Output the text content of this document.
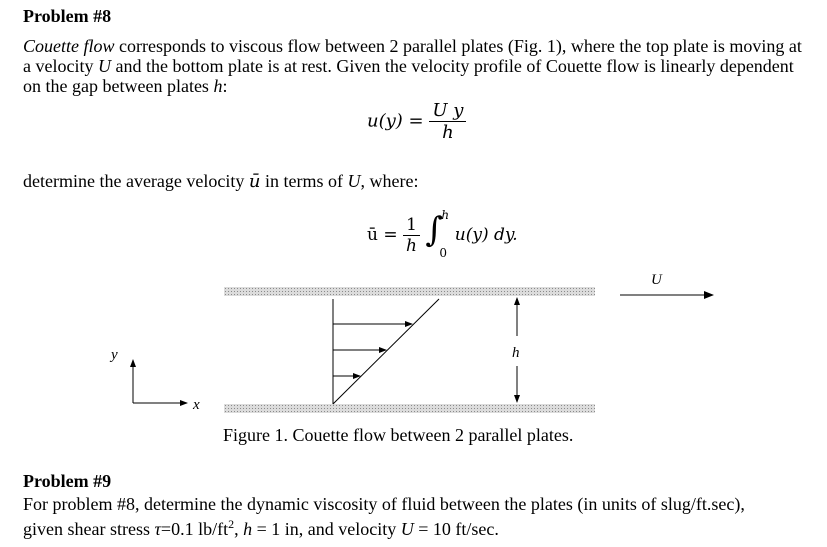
Problem #8
Couette flow corresponds to viscous flow between 2 parallel plates (Fig. 1), where the top plate is moving at a velocity U and the bottom plate is at rest. Given the velocity profile of Couette flow is linearly dependent on the gap between plates h:
$u(y) = \frac{\text{U y}}{h}$
determine the average velocity ū in terms of U, where:
ū = $\frac{1}{h}$
∫
h
0
u(y) dy.
U
h
y
x
Figure 1. Couette flow between 2 parallel plates.
Problem #9
For problem #8, determine the dynamic viscosity of fluid between the plates (in units of slug/ft.sec), given shear stress τ=0.1 $lb/ft^2$, h = 1 in, and velocity U = 10 ft/sec.
